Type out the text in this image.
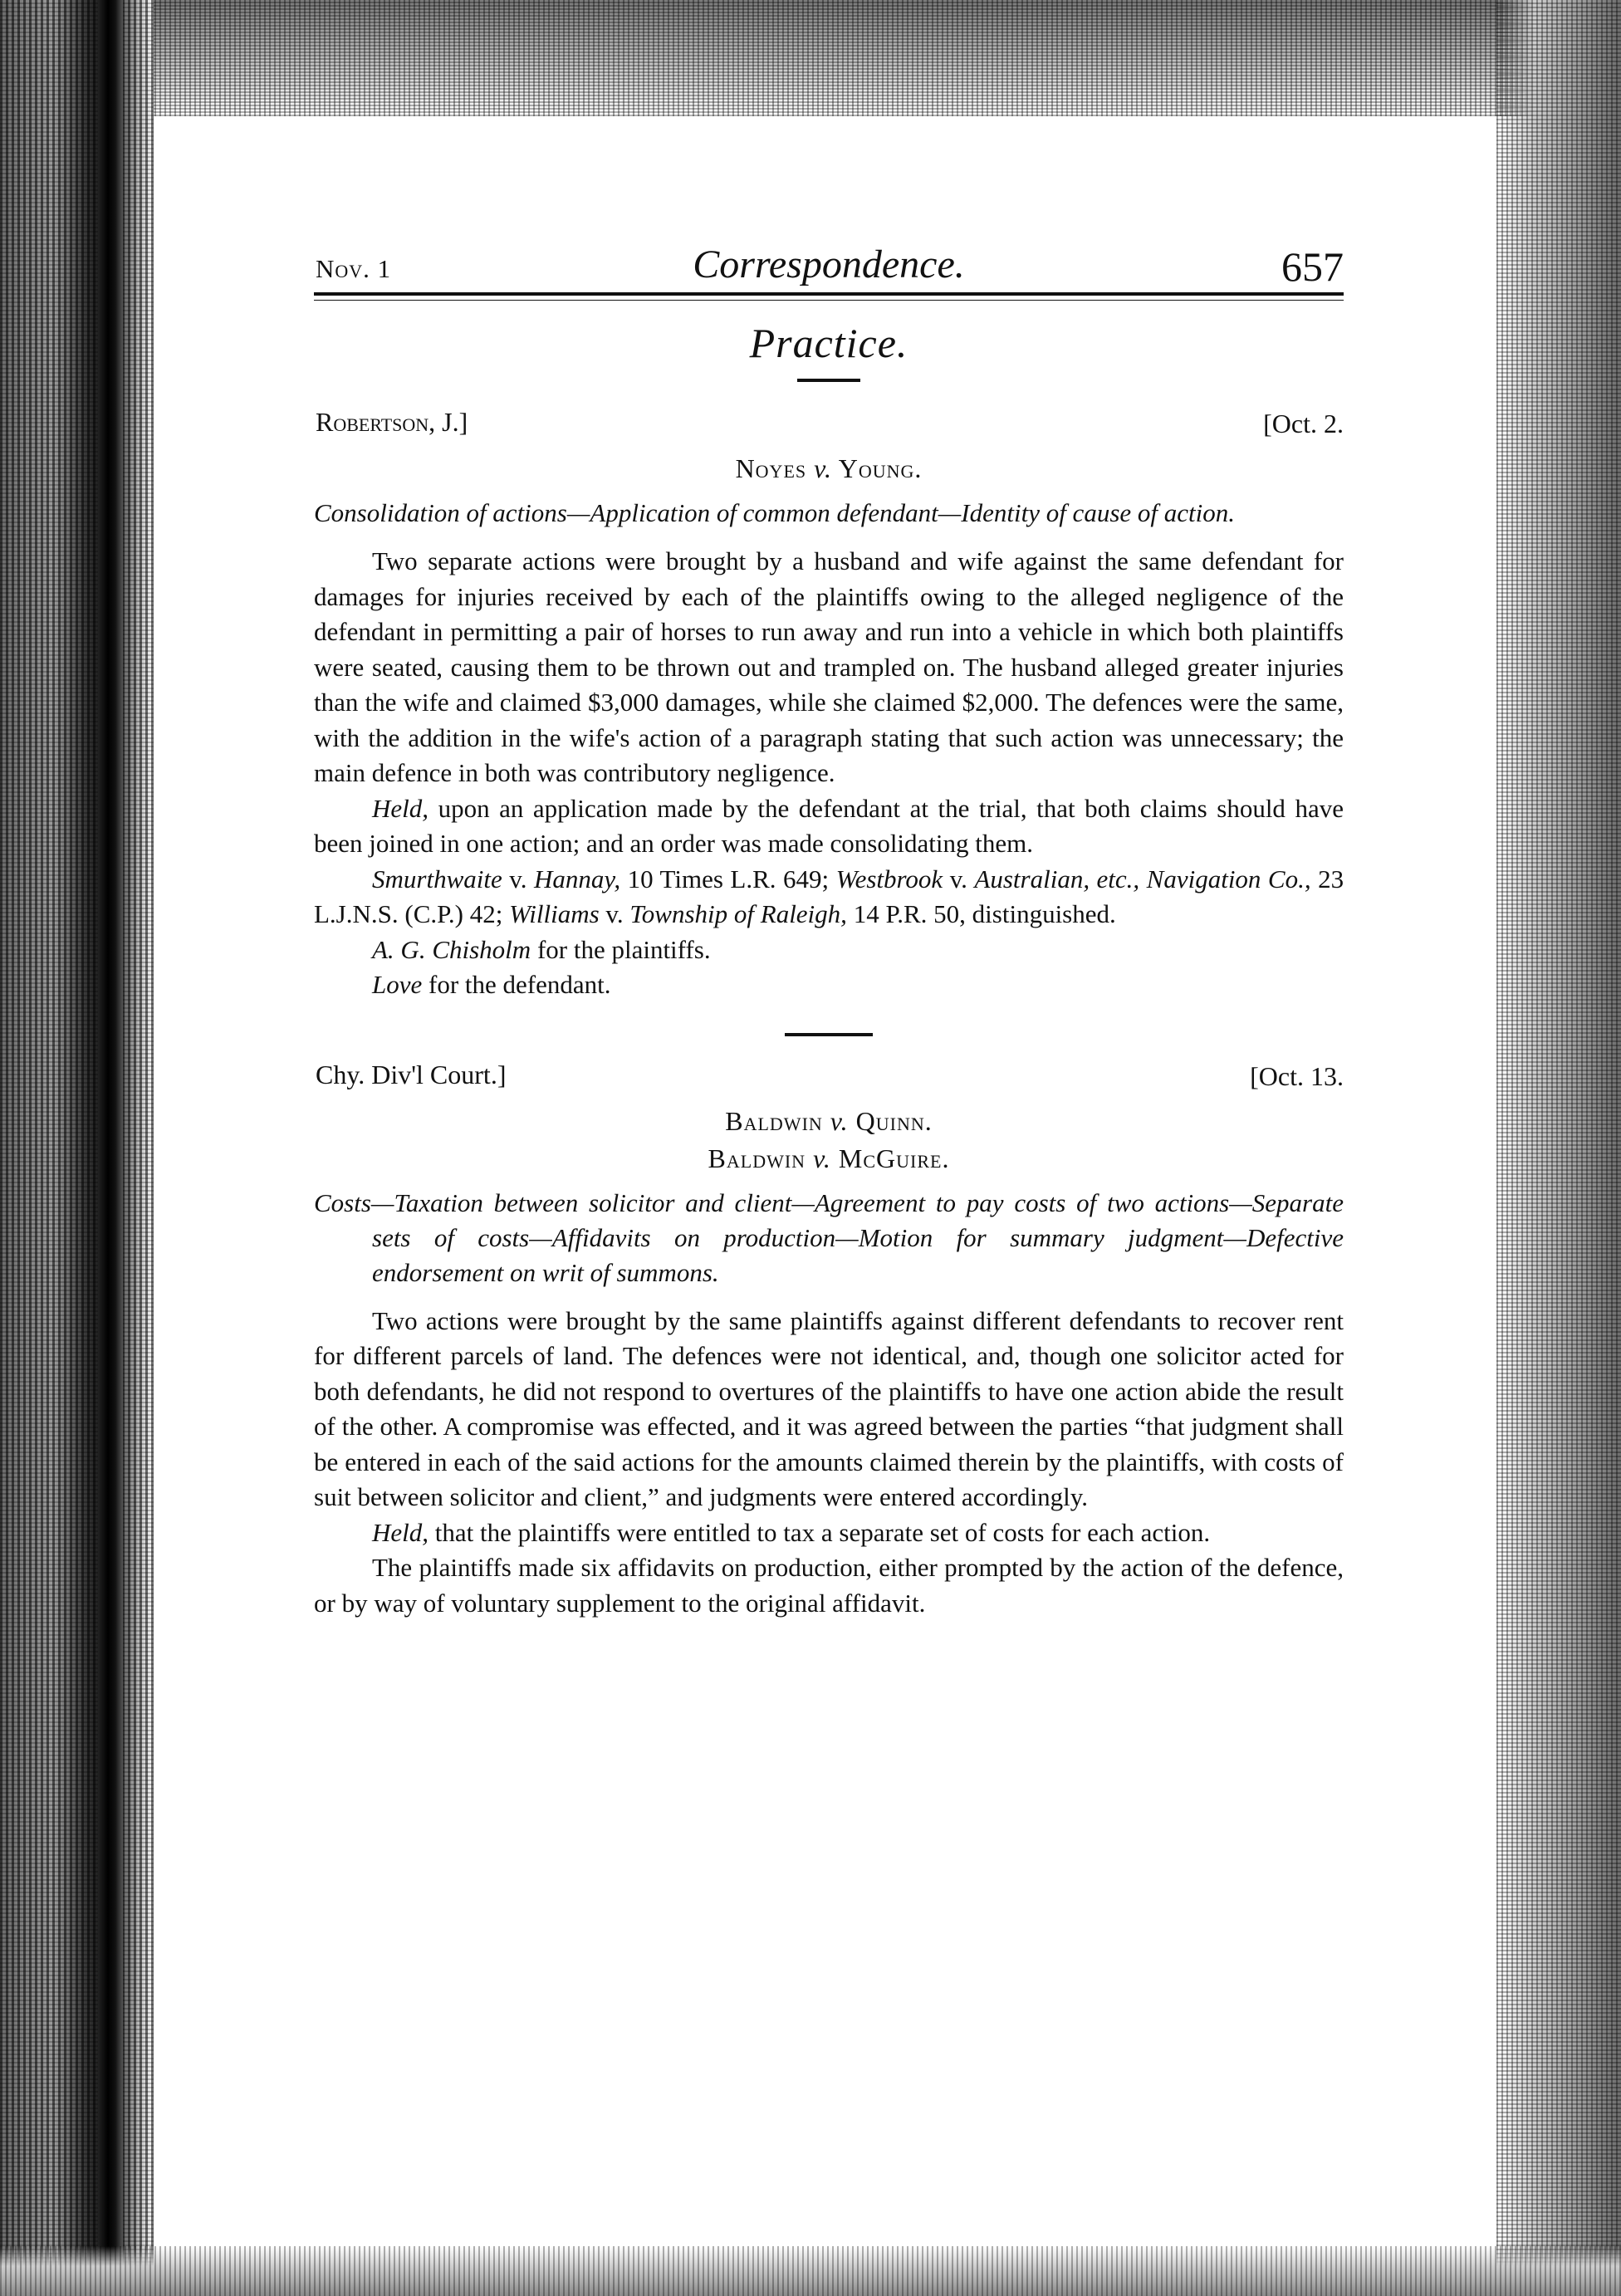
Nov. 1	Correspondence.	657
Practice.
Robertson, J.]	[Oct. 2.
Noyes v. Young.
Consolidation of actions—Application of common defendant—Identity of cause of action.

Two separate actions were brought by a husband and wife against the same defendant for damages for injuries received by each of the plaintiffs owing to the alleged negligence of the defendant in permitting a pair of horses to run away and run into a vehicle in which both plaintiffs were seated, causing them to be thrown out and trampled on. The husband alleged greater injuries than the wife and claimed $3,000 damages, while she claimed $2,000. The defences were the same, with the addition in the wife's action of a paragraph stating that such action was unnecessary; the main defence in both was contributory negligence.

Held, upon an application made by the defendant at the trial, that both claims should have been joined in one action; and an order was made consolidating them.

Smurthwaite v. Hannay, 10 Times L.R. 649; Westbrook v. Australian, etc., Navigation Co., 23 L.J.N.S. (C.P.) 42; Williams v. Township of Raleigh, 14 P.R. 50, distinguished.

A. G. Chisholm for the plaintiffs.
Love for the defendant.
Chy. Div'l Court.]	[Oct. 13.
Baldwin v. Quinn.
Baldwin v. McGuire.
Costs—Taxation between solicitor and client—Agreement to pay costs of two actions—Separate sets of costs—Affidavits on production—Motion for summary judgment—Defective endorsement on writ of summons.

Two actions were brought by the same plaintiffs against different defendants to recover rent for different parcels of land. The defences were not identical, and, though one solicitor acted for both defendants, he did not respond to overtures of the plaintiffs to have one action abide the result of the other. A compromise was effected, and it was agreed between the parties “that judgment shall be entered in each of the said actions for the amounts claimed therein by the plaintiffs, with costs of suit between solicitor and client,” and judgments were entered accordingly.

Held, that the plaintiffs were entitled to tax a separate set of costs for each action.

The plaintiffs made six affidavits on production, either prompted by the action of the defence, or by way of voluntary supplement to the original affidavit.
